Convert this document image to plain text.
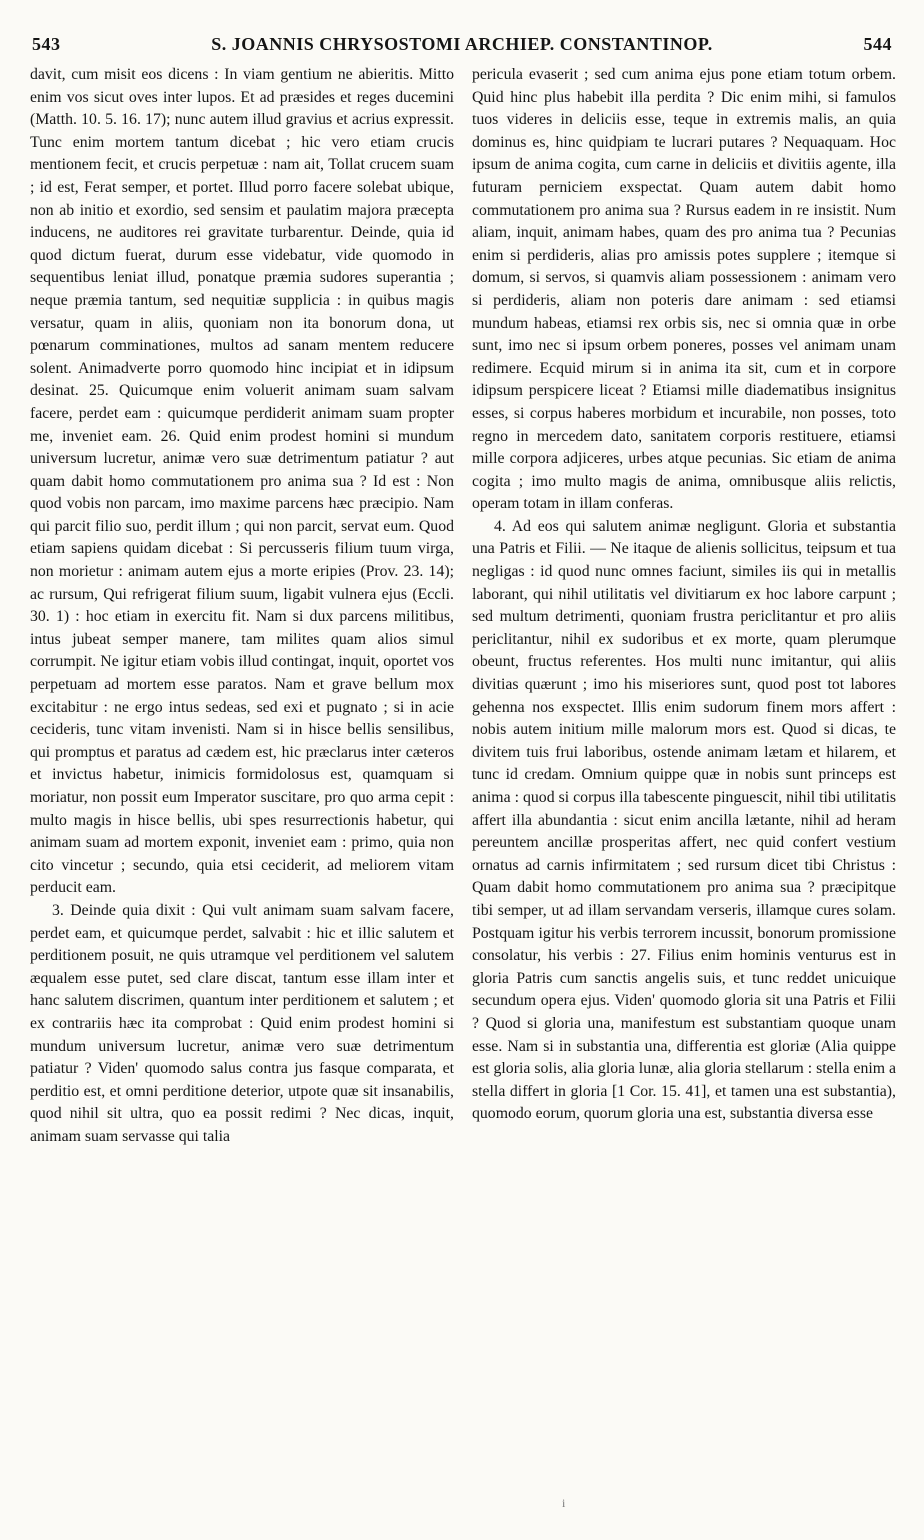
543	S. JOANNIS CHRYSOSTOMI ARCHIEP. CONSTANTINOP.	544

davit, cum misit eos dicens : In viam gentium ne abieritis. Mitto enim vos sicut oves inter lupos. Et ad præsides et reges ducemini (Matth. 10. 5. 16. 17); nunc autem illud gravius et acrius expressit. Tunc enim mortem tantum dicebat ; hic vero etiam crucis mentionem fecit, et crucis perpetuæ : nam ait, Tollat crucem suam ; id est, Ferat semper, et portet. Illud porro facere solebat ubique, non ab initio et exordio, sed sensim et paulatim majora præcepta inducens, ne auditores rei gravitate turbarentur. Deinde, quia id quod dictum fuerat, durum esse videbatur, vide quomodo in sequentibus leniat illud, ponatque præmia sudores superantia ; neque præmia tantum, sed nequitiæ supplicia : in quibus magis versatur, quam in aliis, quoniam non ita bonorum dona, ut pœnarum comminationes, multos ad sanam mentem reducere solent. Animadverte porro quomodo hinc incipiat et in idipsum desinat. 25. Quicumque enim voluerit animam suam salvam facere, perdet eam : quicumque perdiderit animam suam propter me, inveniet eam. 26. Quid enim prodest homini si mundum universum lucretur, animæ vero suæ detrimentum patiatur ? aut quam dabit homo commutationem pro anima sua ? Id est : Non quod vobis non parcam, imo maxime parcens hæc præcipio. Nam qui parcit filio suo, perdit illum ; qui non parcit, servat eum. Quod etiam sapiens quidam dicebat : Si percusseris filium tuum virga, non morietur : animam autem ejus a morte eripies (Prov. 23. 14); ac rursum, Qui refrigerat filium suum, ligabit vulnera ejus (Eccli. 30. 1) : hoc etiam in exercitu fit. Nam si dux parcens militibus, intus jubeat semper manere, tam milites quam alios simul corrumpit. Ne igitur etiam vobis illud contingat, inquit, oportet vos perpetuam ad mortem esse paratos. Nam et grave bellum mox excitabitur : ne ergo intus sedeas, sed exi et pugnato ; si in acie cecideris, tunc vitam invenisti. Nam si in hisce bellis sensilibus, qui promptus et paratus ad cædem est, hic præclarus inter cæteros et invictus habetur, inimicis formidolosus est, quamquam si moriatur, non possit eum Imperator suscitare, pro quo arma cepit : multo magis in hisce bellis, ubi spes resurrectionis habetur, qui animam suam ad mortem exponit, inveniet eam : primo, quia non cito vincetur ; secundo, quia etsi ceciderit, ad meliorem vitam perducit eam.

3. Deinde quia dixit : Qui vult animam suam salvam facere, perdet eam, et quicumque perdet, salvabit : hic et illic salutem et perditionem posuit, ne quis utramque vel perditionem vel salutem æqualem esse putet, sed clare discat, tantum esse illam inter et hanc salutem discrimen, quantum inter perditionem et salutem ; et ex contrariis hæc ita comprobat : Quid enim prodest homini si mundum universum lucretur, animæ vero suæ detrimentum patiatur ? Viden' quomodo salus contra jus fasque comparata, et perditio est, et omni perditione deterior, utpote quæ sit insanabilis, quod nihil sit ultra, quo ea possit redimi ? Nec dicas, inquit, animam suam servasse qui talia

pericula evaserit ; sed cum anima ejus pone etiam totum orbem. Quid hinc plus habebit illa perdita ? Dic enim mihi, si famulos tuos videres in deliciis esse, teque in extremis malis, an quia dominus es, hinc quidpiam te lucrari putares ? Nequaquam. Hoc ipsum de anima cogita, cum carne in deliciis et divitiis agente, illa futuram perniciem exspectat. Quam autem dabit homo commutationem pro anima sua ? Rursus eadem in re insistit. Num aliam, inquit, animam habes, quam des pro anima tua ? Pecunias enim si perdideris, alias pro amissis potes supplere ; itemque si domum, si servos, si quamvis aliam possessionem : animam vero si perdideris, aliam non poteris dare animam : sed etiamsi mundum habeas, etiamsi rex orbis sis, nec si omnia quæ in orbe sunt, imo nec si ipsum orbem poneres, posses vel animam unam redimere. Ecquid mirum si in anima ita sit, cum et in corpore idipsum perspicere liceat ? Etiamsi mille diadematibus insignitus esses, si corpus haberes morbidum et incurabile, non posses, toto regno in mercedem dato, sanitatem corporis restituere, etiamsi mille corpora adjiceres, urbes atque pecunias. Sic etiam de anima cogita ; imo multo magis de anima, omnibusque aliis relictis, operam totam in illam conferas.

4. Ad eos qui salutem animæ negligunt. Gloria et substantia una Patris et Filii. — Ne itaque de alienis sollicitus, teipsum et tua negligas : id quod nunc omnes faciunt, similes iis qui in metallis laborant, qui nihil utilitatis vel divitiarum ex hoc labore carpunt ; sed multum detrimenti, quoniam frustra periclitantur et pro aliis periclitantur, nihil ex sudoribus et ex morte, quam plerumque obeunt, fructus referentes. Hos multi nunc imitantur, qui aliis divitias quærunt ; imo his miseriores sunt, quod post tot labores gehenna nos exspectet. Illis enim sudorum finem mors affert : nobis autem initium mille malorum mors est. Quod si dicas, te divitem tuis frui laboribus, ostende animam lætam et hilarem, et tunc id credam. Omnium quippe quæ in nobis sunt princeps est anima : quod si corpus illa tabescente pinguescit, nihil tibi utilitatis affert illa abundantia : sicut enim ancilla lætante, nihil ad heram pereuntem ancillæ prosperitas affert, nec quid confert vestium ornatus ad carnis infirmitatem ; sed rursum dicet tibi Christus : Quam dabit homo commutationem pro anima sua ? præcipitque tibi semper, ut ad illam servandam verseris, illamque cures solam. Postquam igitur his verbis terrorem incussit, bonorum promissione consolatur, his verbis : 27. Filius enim hominis venturus est in gloria Patris cum sanctis angelis suis, et tunc reddet unicuique secundum opera ejus. Viden' quomodo gloria sit una Patris et Filii ? Quod si gloria una, manifestum est substantiam quoque unam esse. Nam si in substantia una, differentia est gloriæ (Alia quippe est gloria solis, alia gloria lunæ, alia gloria stellarum : stella enim a stella differt in gloria [1 Cor. 15. 41], et tamen una est substantia), quomodo eorum, quorum gloria una est, substantia diversa esse

i
